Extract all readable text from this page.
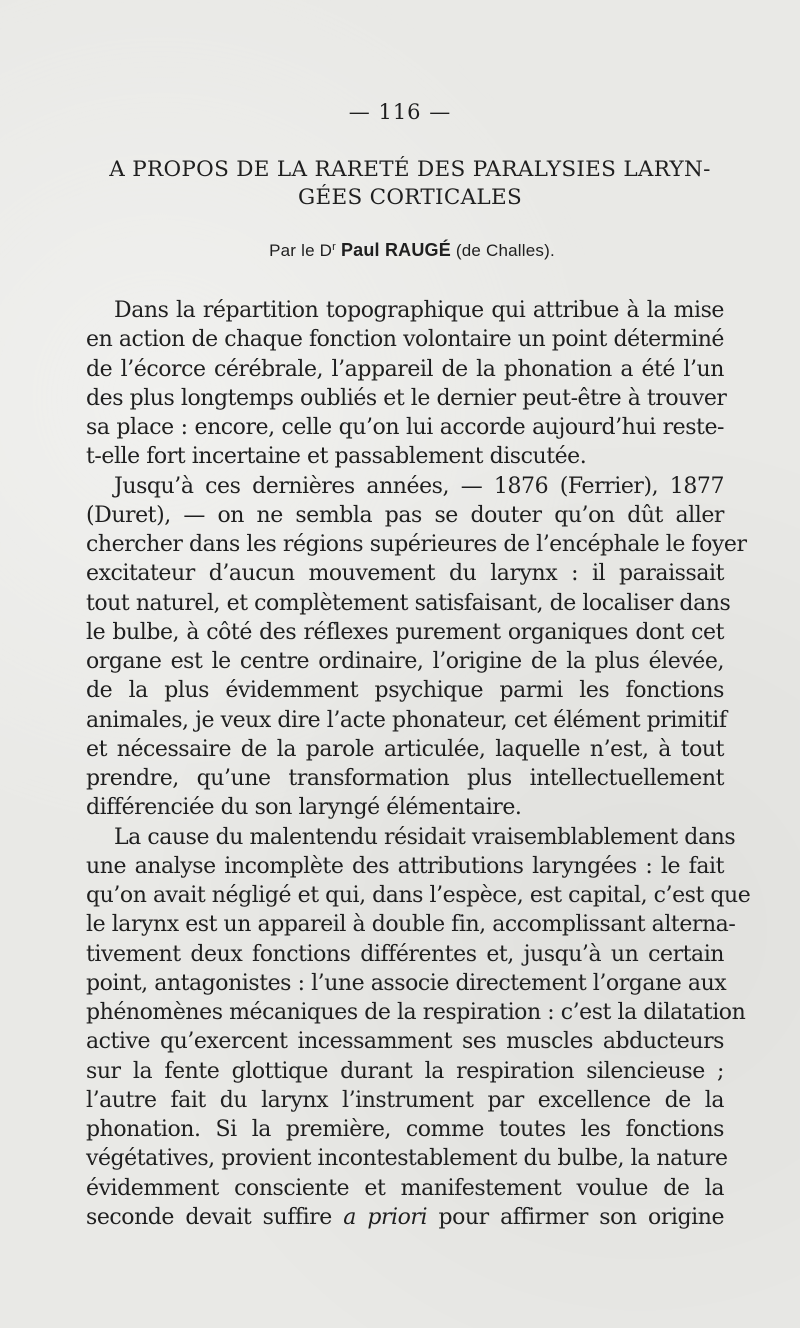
— 116 —
A PROPOS DE LA RARETÉ DES PARALYSIES LARYN-
GÉES CORTICALES
Par le $D^r$ Paul RAUGÉ (de Challes).
Dans la répartition topographique qui attribue à la mise
en action de chaque fonction volontaire un point déterminé
de l’écorce cérébrale, l’appareil de la phonation a été l’un
des plus longtemps oubliés et le dernier peut-être à trouver
sa place : encore, celle qu’on lui accorde aujourd’hui reste-
t-elle fort incertaine et passablement discutée.
Jusqu’à ces dernières années, — 1876 (Ferrier), 1877
(Duret), — on ne sembla pas se douter qu’on dût aller
chercher dans les régions supérieures de l’encéphale le foyer
excitateur d’aucun mouvement du larynx : il paraissait
tout naturel, et complètement satisfaisant, de localiser dans
le bulbe, à côté des réflexes purement organiques dont cet
organe est le centre ordinaire, l’origine de la plus élevée,
de la plus évidemment psychique parmi les fonctions
animales, je veux dire l’acte phonateur, cet élément primitif
et nécessaire de la parole articulée, laquelle n’est, à tout
prendre, qu’une transformation plus intellectuellement
différenciée du son laryngé élémentaire.
La cause du malentendu résidait vraisemblablement dans
une analyse incomplète des attributions laryngées : le fait
qu’on avait négligé et qui, dans l’espèce, est capital, c’est que
le larynx est un appareil à double fin, accomplissant alterna-
tivement deux fonctions différentes et, jusqu’à un certain
point, antagonistes : l’une associe directement l’organe aux
phénomènes mécaniques de la respiration : c’est la dilatation
active qu’exercent incessamment ses muscles abducteurs
sur la fente glottique durant la respiration silencieuse ;
l’autre fait du larynx l’instrument par excellence de la
phonation. Si la première, comme toutes les fonctions
végétatives, provient incontestablement du bulbe, la nature
évidemment consciente et manifestement voulue de la
seconde devait suffire a priori pour affirmer son origine
